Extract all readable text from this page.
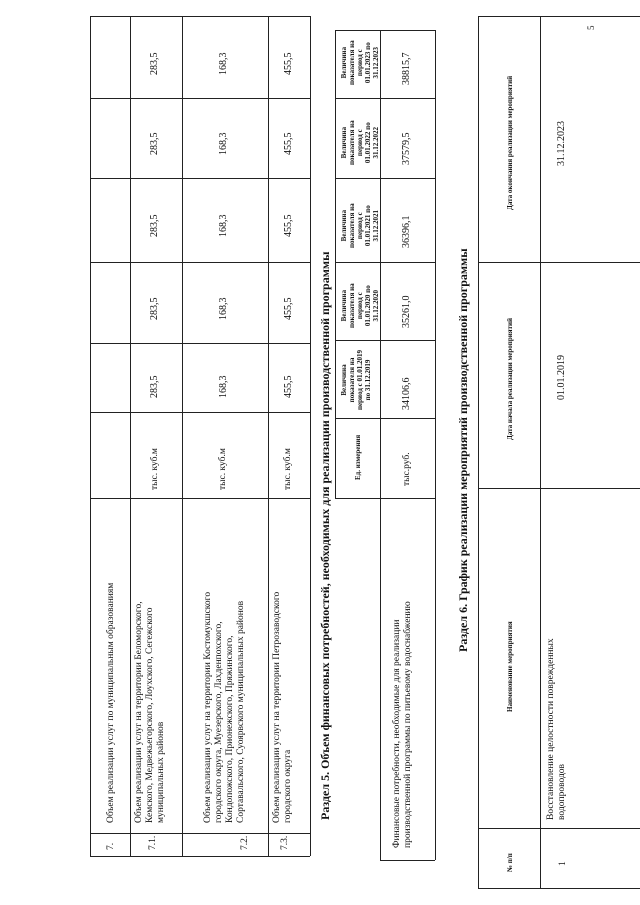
5
7.
Объем реализации услуг по муниципальным образованиям
7.1.
Объем реализации услуг на территории Беломорского, Кемского, Медвежьегорского, Лоухского, Сегежского муниципальных районов
тыс. куб.м
283,5
283,5
283,5
283,5
283,5
7.2.
Объем реализации услуг на территории Костомукшского городского округа, Муезерского, Лахденпохского, Кондопожского, Прионежского, Пряжинского, Сортавальского, Суоярвского муниципальных районов
тыс. куб.м
168,3
168,3
168,3
168,3
168,3
7.3.
Объем реализации услуг на территории Петрозаводского городского округа
тыс. куб.м
455,5
455,5
455,5
455,5
455,5
Раздел 5. Объем финансовых потребностей, необходимых для реализации производственной программы	Ед. измерения
Величина показателя на период с 01.01.2019 по 31.12.2019
Величина показателя на период с 01.01.2020 по 31.12.2020
Величина показателя на период с 01.01.2021 по 31.12.2021
Величина показателя на период с 01.01.2022 по 31.12.2022
Величина показателя на период с 01.01.2023 по 31.12.2023
Финансовые потребности, необходимые для реализации производственной программы по питьевому водоснабжению
тыс.руб.
34106,6
35261,0
36396,1
37579,5
38815,7
Раздел 6. График реализации мероприятий производственной программы
№ п/п
Наименование мероприятия
Дата начала реализации мероприятий
Дата окончания реализации мероприятий
1
Восстановление целостности поврежденных водопроводов
01.01.2019
31.12.2023
